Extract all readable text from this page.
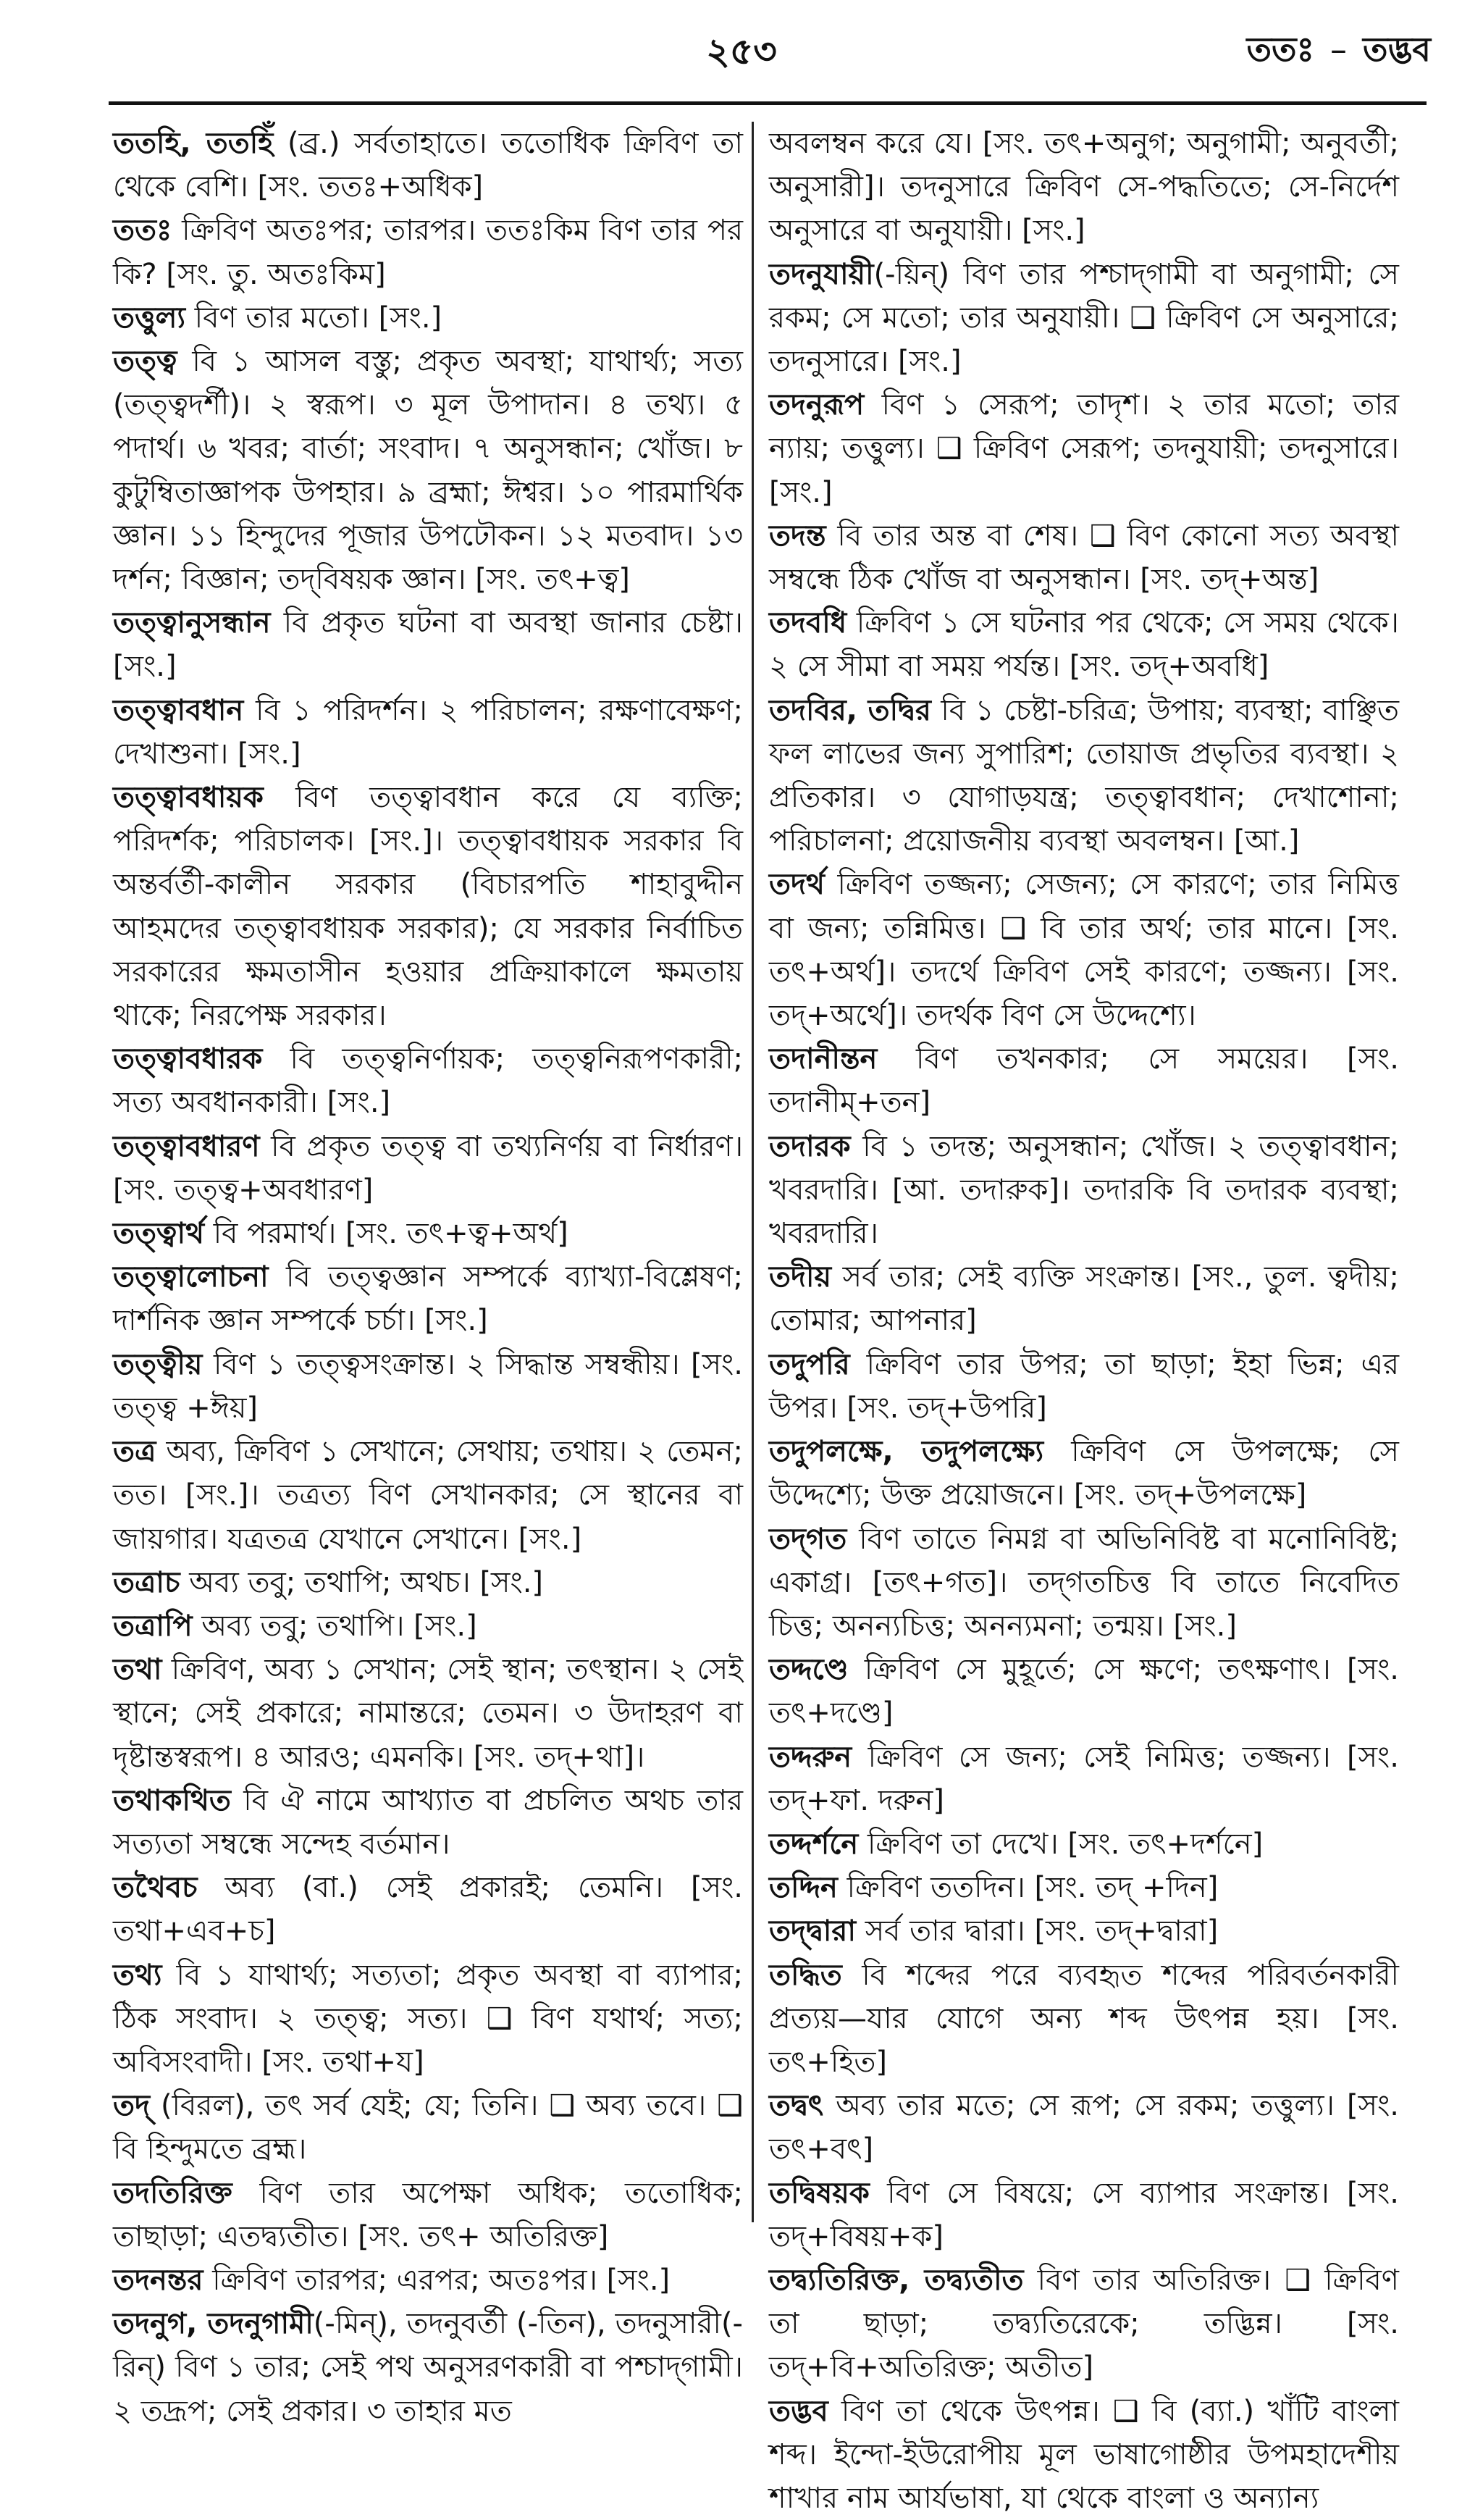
২৫৩	ততঃ – তদ্ভব

ততহি, ততহিঁ (ব্র.) সর্বতাহাতে। ততোধিক ক্রিবিণ তা থেকে বেশি। [সং. ততঃ+অধিক]

ততঃ ক্রিবিণ অতঃপর; তারপর। ততঃকিম বিণ তার পর কি? [সং. তু. অতঃকিম]

তত্তুল্য বিণ তার মতো। [সং.]

তত্ত্ব বি ১ আসল বস্তু; প্রকৃত অবস্থা; যাথার্থ্য; সত্য (তত্ত্বদর্শী)। ২ স্বরূপ। ৩ মূল উপাদান। ৪ তথ্য। ৫ পদার্থ। ৬ খবর; বার্তা; সংবাদ। ৭ অনুসন্ধান; খোঁজ। ৮ কুটুম্বিতাজ্ঞাপক উপহার। ৯ ব্রহ্মা; ঈশ্বর। ১০ পারমার্থিক জ্ঞান। ১১ হিন্দুদের পূজার উপঢৌকন। ১২ মতবাদ। ১৩ দর্শন; বিজ্ঞান; তদ্‌বিষয়ক জ্ঞান। [সং. তৎ+ত্ব]

তত্ত্বানুসন্ধান বি প্রকৃত ঘটনা বা অবস্থা জানার চেষ্টা। [সং.]

তত্ত্বাবধান বি ১ পরিদর্শন। ২ পরিচালন; রক্ষণাবেক্ষণ; দেখাশুনা। [সং.]

তত্ত্বাবধায়ক বিণ তত্ত্বাবধান করে যে ব্যক্তি; পরিদর্শক; পরিচালক। [সং.]। তত্ত্বাবধায়ক সরকার বি অন্তর্বর্তী-কালীন সরকার (বিচারপতি শাহাবুদ্দীন আহমদের তত্ত্বাবধায়ক সরকার); যে সরকার নির্বাচিত সরকারের ক্ষমতাসীন হওয়ার প্রক্রিয়াকালে ক্ষমতায় থাকে; নিরপেক্ষ সরকার।

তত্ত্বাবধারক বি তত্ত্বনির্ণায়ক; তত্ত্বনিরূপণকারী; সত্য অবধানকারী। [সং.]

তত্ত্বাবধারণ বি প্রকৃত তত্ত্ব বা তথ্যনির্ণয় বা নির্ধারণ। [সং. তত্ত্ব+অবধারণ]

তত্ত্বার্থ বি পরমার্থ। [সং. তৎ+ত্ব+অর্থ]

তত্ত্বালোচনা বি তত্ত্বজ্ঞান সম্পর্কে ব্যাখ্যা-বিশ্লেষণ; দার্শনিক জ্ঞান সম্পর্কে চর্চা। [সং.]

তত্ত্বীয় বিণ ১ তত্ত্বসংক্রান্ত। ২ সিদ্ধান্ত সম্বন্ধীয়। [সং. তত্ত্ব +ঈয়]

তত্র অব্য, ক্রিবিণ ১ সেখানে; সেথায়; তথায়। ২ তেমন; তত। [সং.]। তত্রত্য বিণ সেখানকার; সে স্থানের বা জায়গার। যত্রতত্র যেখানে সেখানে। [সং.]

তত্রাচ অব্য তবু; তথাপি; অথচ। [সং.]

তত্রাপি অব্য তবু; তথাপি। [সং.]

তথা ক্রিবিণ, অব্য ১ সেখান; সেই স্থান; তৎস্থান। ২ সেই স্থানে; সেই প্রকারে; নামান্তরে; তেমন। ৩ উদাহরণ বা দৃষ্টান্তস্বরূপ। ৪ আরও; এমনকি। [সং. তদ্+থা]।

তথাকথিত বি ঐ নামে আখ্যাত বা প্রচলিত অথচ তার সত্যতা সম্বন্ধে সন্দেহ বর্তমান।

তথৈবচ অব্য (বা.) সেই প্রকারই; তেমনি। [সং. তথা+এব+চ]

তথ্য বি ১ যাথার্থ্য; সত্যতা; প্রকৃত অবস্থা বা ব্যাপার; ঠিক সংবাদ। ২ তত্ত্ব; সত্য। ❑ বিণ যথার্থ; সত্য; অবিসংবাদী। [সং. তথা+য]

তদ্ (বিরল), তৎ সর্ব যেই; যে; তিনি। ❑ অব্য তবে। ❑ বি হিন্দুমতে ব্রহ্ম।

তদতিরিক্ত বিণ তার অপেক্ষা অধিক; ততোধিক; তাছাড়া; এতদ্ব্যতীত। [সং. তৎ+ অতিরিক্ত]

তদনন্তর ক্রিবিণ তারপর; এরপর; অতঃপর। [সং.]

তদনুগ, তদনুগামী(-মিন্), তদনুবর্তী (-তিন), তদনুসারী(-রিন্) বিণ ১ তার; সেই পথ অনুসরণকারী বা পশ্চাদ্‌গামী। ২ তদ্রূপ; সেই প্রকার। ৩ তাহার মত

অবলম্বন করে যে। [সং. তৎ+অনুগ; অনুগামী; অনুবর্তী; অনুসারী]। তদনুসারে ক্রিবিণ সে-পদ্ধতিতে; সে-নির্দেশ অনুসারে বা অনুযায়ী। [সং.]

তদনুযায়ী(-য়িন্) বিণ তার পশ্চাদ্‌গামী বা অনুগামী; সে রকম; সে মতো; তার অনুযায়ী। ❑ ক্রিবিণ সে অনুসারে; তদনুসারে। [সং.]

তদনুরূপ বিণ ১ সেরূপ; তাদৃশ। ২ তার মতো; তার ন্যায়; তত্তুল্য। ❑ ক্রিবিণ সেরূপ; তদনুযায়ী; তদনুসারে। [সং.]

তদন্ত বি তার অন্ত বা শেষ। ❑ বিণ কোনো সত্য অবস্থা সম্বন্ধে ঠিক খোঁজ বা অনুসন্ধান। [সং. তদ্+অন্ত]

তদবধি ক্রিবিণ ১ সে ঘটনার পর থেকে; সে সময় থেকে। ২ সে সীমা বা সময় পর্যন্ত। [সং. তদ্+অবধি]

তদবির, তদ্বির বি ১ চেষ্টা-চরিত্র; উপায়; ব্যবস্থা; বাঞ্ছিত ফল লাভের জন্য সুপারিশ; তোয়াজ প্রভৃতির ব্যবস্থা। ২ প্রতিকার। ৩ যোগাড়যন্ত্র; তত্ত্বাবধান; দেখাশোনা; পরিচালনা; প্রয়োজনীয় ব্যবস্থা অবলম্বন। [আ.]

তদর্থ ক্রিবিণ তজ্জন্য; সেজন্য; সে কারণে; তার নিমিত্ত বা জন্য; তন্নিমিত্ত। ❑ বি তার অর্থ; তার মানে। [সং. তৎ+অর্থ]। তদর্থে ক্রিবিণ সেই কারণে; তজ্জন্য। [সং. তদ্+অর্থে]। তদর্থক বিণ সে উদ্দেশ্যে।

তদানীন্তন বিণ তখনকার; সে সময়ের। [সং. তদানীম্+তন]

তদারক বি ১ তদন্ত; অনুসন্ধান; খোঁজ। ২ তত্ত্বাবধান; খবরদারি। [আ. তদারুক]। তদারকি বি তদারক ব্যবস্থা; খবরদারি।

তদীয় সর্ব তার; সেই ব্যক্তি সংক্রান্ত। [সং., তুল. ত্বদীয়; তোমার; আপনার]

তদুপরি ক্রিবিণ তার উপর; তা ছাড়া; ইহা ভিন্ন; এর উপর। [সং. তদ্+উপরি]

তদুপলক্ষে, তদুপলক্ষ্যে ক্রিবিণ সে উপলক্ষে; সে উদ্দেশ্যে; উক্ত প্রয়োজনে। [সং. তদ্+উপলক্ষে]

তদ্‌গত বিণ তাতে নিমগ্ন বা অভিনিবিষ্ট বা মনোনিবিষ্ট; একাগ্র। [তৎ+গত]। তদ্‌গতচিত্ত বি তাতে নিবেদিত চিত্ত; অনন্যচিত্ত; অনন্যমনা; তন্ময়। [সং.]

তদ্দণ্ডে ক্রিবিণ সে মুহূর্তে; সে ক্ষণে; তৎক্ষণাৎ। [সং. তৎ+দণ্ডে]

তদ্দরুন ক্রিবিণ সে জন্য; সেই নিমিত্ত; তজ্জন্য। [সং. তদ্+ফা. দরুন]

তদ্দর্শনে ক্রিবিণ তা দেখে। [সং. তৎ+দর্শনে]

তদ্দিন ক্রিবিণ ততদিন। [সং. তদ্ +দিন]

তদ্দ্বারা সর্ব তার দ্বারা। [সং. তদ্+দ্বারা]

তদ্ধিত বি শব্দের পরে ব্যবহৃত শব্দের পরিবর্তনকারী প্রত্যয়—যার যোগে অন্য শব্দ উৎপন্ন হয়। [সং. তৎ+হিত]

তদ্বৎ অব্য তার মতে; সে রূপ; সে রকম; তত্তুল্য। [সং. তৎ+বৎ]

তদ্বিষয়ক বিণ সে বিষয়ে; সে ব্যাপার সংক্রান্ত। [সং. তদ্+বিষয়+ক]

তদ্ব্যতিরিক্ত, তদ্ব্যতীত বিণ তার অতিরিক্ত। ❑ ক্রিবিণ তা ছাড়া; তদ্ব্যতিরেকে; তদ্ভিন্ন। [সং. তদ্+বি+অতিরিক্ত; অতীত]

তদ্ভব বিণ তা থেকে উৎপন্ন। ❑ বি (ব্যা.) খাঁটি বাংলা শব্দ। ইন্দো-ইউরোপীয় মূল ভাষাগোষ্ঠীর উপমহাদেশীয় শাখার নাম আর্যভাষা, যা থেকে বাংলা ও অন্যান্য
